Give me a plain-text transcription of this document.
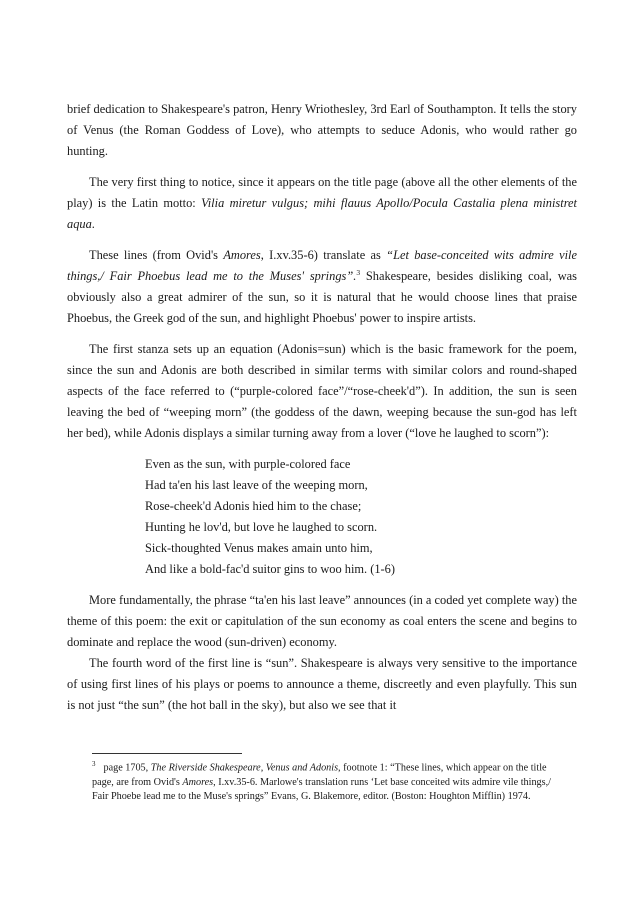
brief dedication to Shakespeare's patron, Henry Wriothesley, 3rd Earl of Southampton. It tells the story of Venus (the Roman Goddess of Love), who attempts to seduce Adonis, who would rather go hunting.

The very first thing to notice, since it appears on the title page (above all the other elements of the play) is the Latin motto: Vilia miretur vulgus; mihi flauus Apollo/Pocula Castalia plena ministret aqua.

These lines (from Ovid's Amores, I.xv.35-6) translate as “Let base-conceited wits admire vile things,/ Fair Phoebus lead me to the Muses' springs”.$^3$ Shakespeare, besides disliking coal, was obviously also a great admirer of the sun, so it is natural that he would choose lines that praise Phoebus, the Greek god of the sun, and highlight Phoebus' power to inspire artists.

The first stanza sets up an equation (Adonis=sun) which is the basic framework for the poem, since the sun and Adonis are both described in similar terms with similar colors and round-shaped aspects of the face referred to (“purple-colored face”/“rose-cheek'd”). In addition, the sun is seen leaving the bed of “weeping morn” (the goddess of the dawn, weeping because the sun-god has left her bed), while Adonis displays a similar turning away from a lover (“love he laughed to scorn”):

Even as the sun, with purple-colored face
Had ta'en his last leave of the weeping morn,
Rose-cheek'd Adonis hied him to the chase;
Hunting he lov'd, but love he laughed to scorn.
Sick-thoughted Venus makes amain unto him,
And like a bold-fac'd suitor gins to woo him. (1-6)

More fundamentally, the phrase “ta'en his last leave” announces (in a coded yet complete way) the theme of this poem: the exit or capitulation of the sun economy as coal enters the scene and begins to dominate and replace the wood (sun-driven) economy.

The fourth word of the first line is “sun”. Shakespeare is always very sensitive to the importance of using first lines of his plays or poems to announce a theme, discreetly and even playfully. This sun is not just “the sun” (the hot ball in the sky), but also we see that it

$^3$ page 1705, The Riverside Shakespeare, Venus and Adonis, footnote 1: “These lines, which appear on the title page, are from Ovid's Amores, I.xv.35-6. Marlowe's translation runs ‘Let base conceited wits admire vile things,/ Fair Phoebe lead me to the Muse's springs” Evans, G. Blakemore, editor. (Boston: Houghton Mifflin) 1974.
